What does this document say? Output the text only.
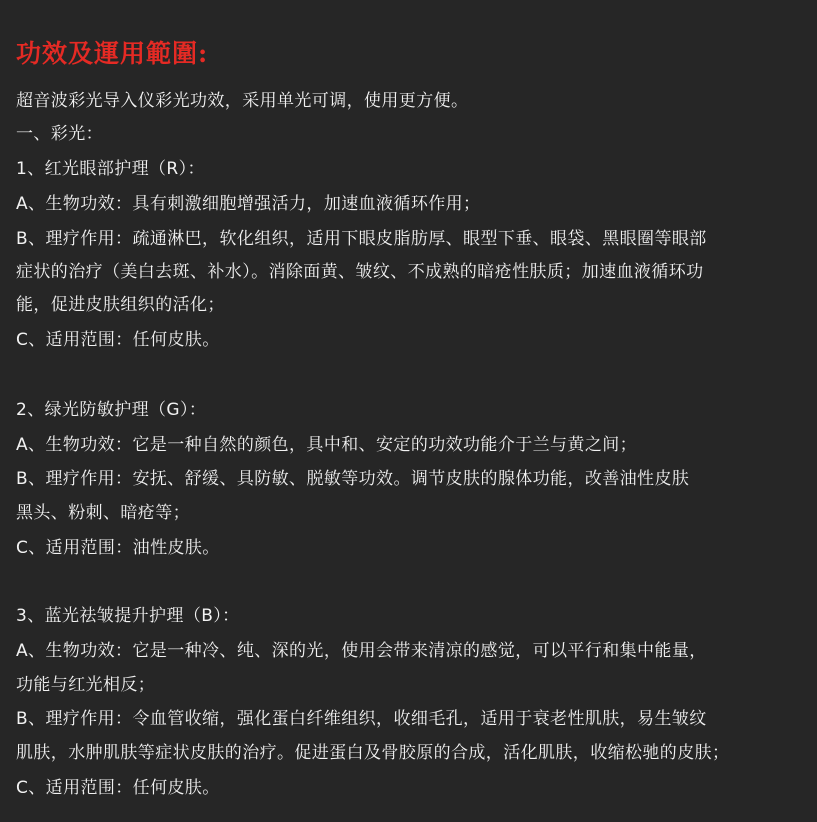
功效及運用範圍:
超音波彩光导入仪彩光功效，采用单光可调，使用更方便。
一、彩光：
1、红光眼部护理（R）：
A、生物功效：具有刺激细胞增强活力，加速血液循环作用；
B、理疗作用：疏通淋巴，软化组织，适用下眼皮脂肪厚、眼型下垂、眼袋、黑眼圈等眼部
症状的治疗（美白去斑、补水）。消除面黄、皱纹、不成熟的暗疮性肤质；加速血液循环功
能，促进皮肤组织的活化；
C、适用范围：任何皮肤。
2、绿光防敏护理（G）：
A、生物功效：它是一种自然的颜色，具中和、安定的功效功能介于兰与黄之间；
B、理疗作用：安抚、舒缓、具防敏、脱敏等功效。调节皮肤的腺体功能，改善油性皮肤
黑头、粉刺、暗疮等；
C、适用范围：油性皮肤。
3、蓝光祛皱提升护理（B）：
A、生物功效：它是一种冷、纯、深的光，使用会带来清凉的感觉，可以平行和集中能量，
功能与红光相反；
B、理疗作用：令血管收缩，强化蛋白纤维组织，收细毛孔，适用于衰老性肌肤，易生皱纹
肌肤，水肿肌肤等症状皮肤的治疗。促进蛋白及骨胶原的合成，活化肌肤，收缩松驰的皮肤；
C、适用范围：任何皮肤。
